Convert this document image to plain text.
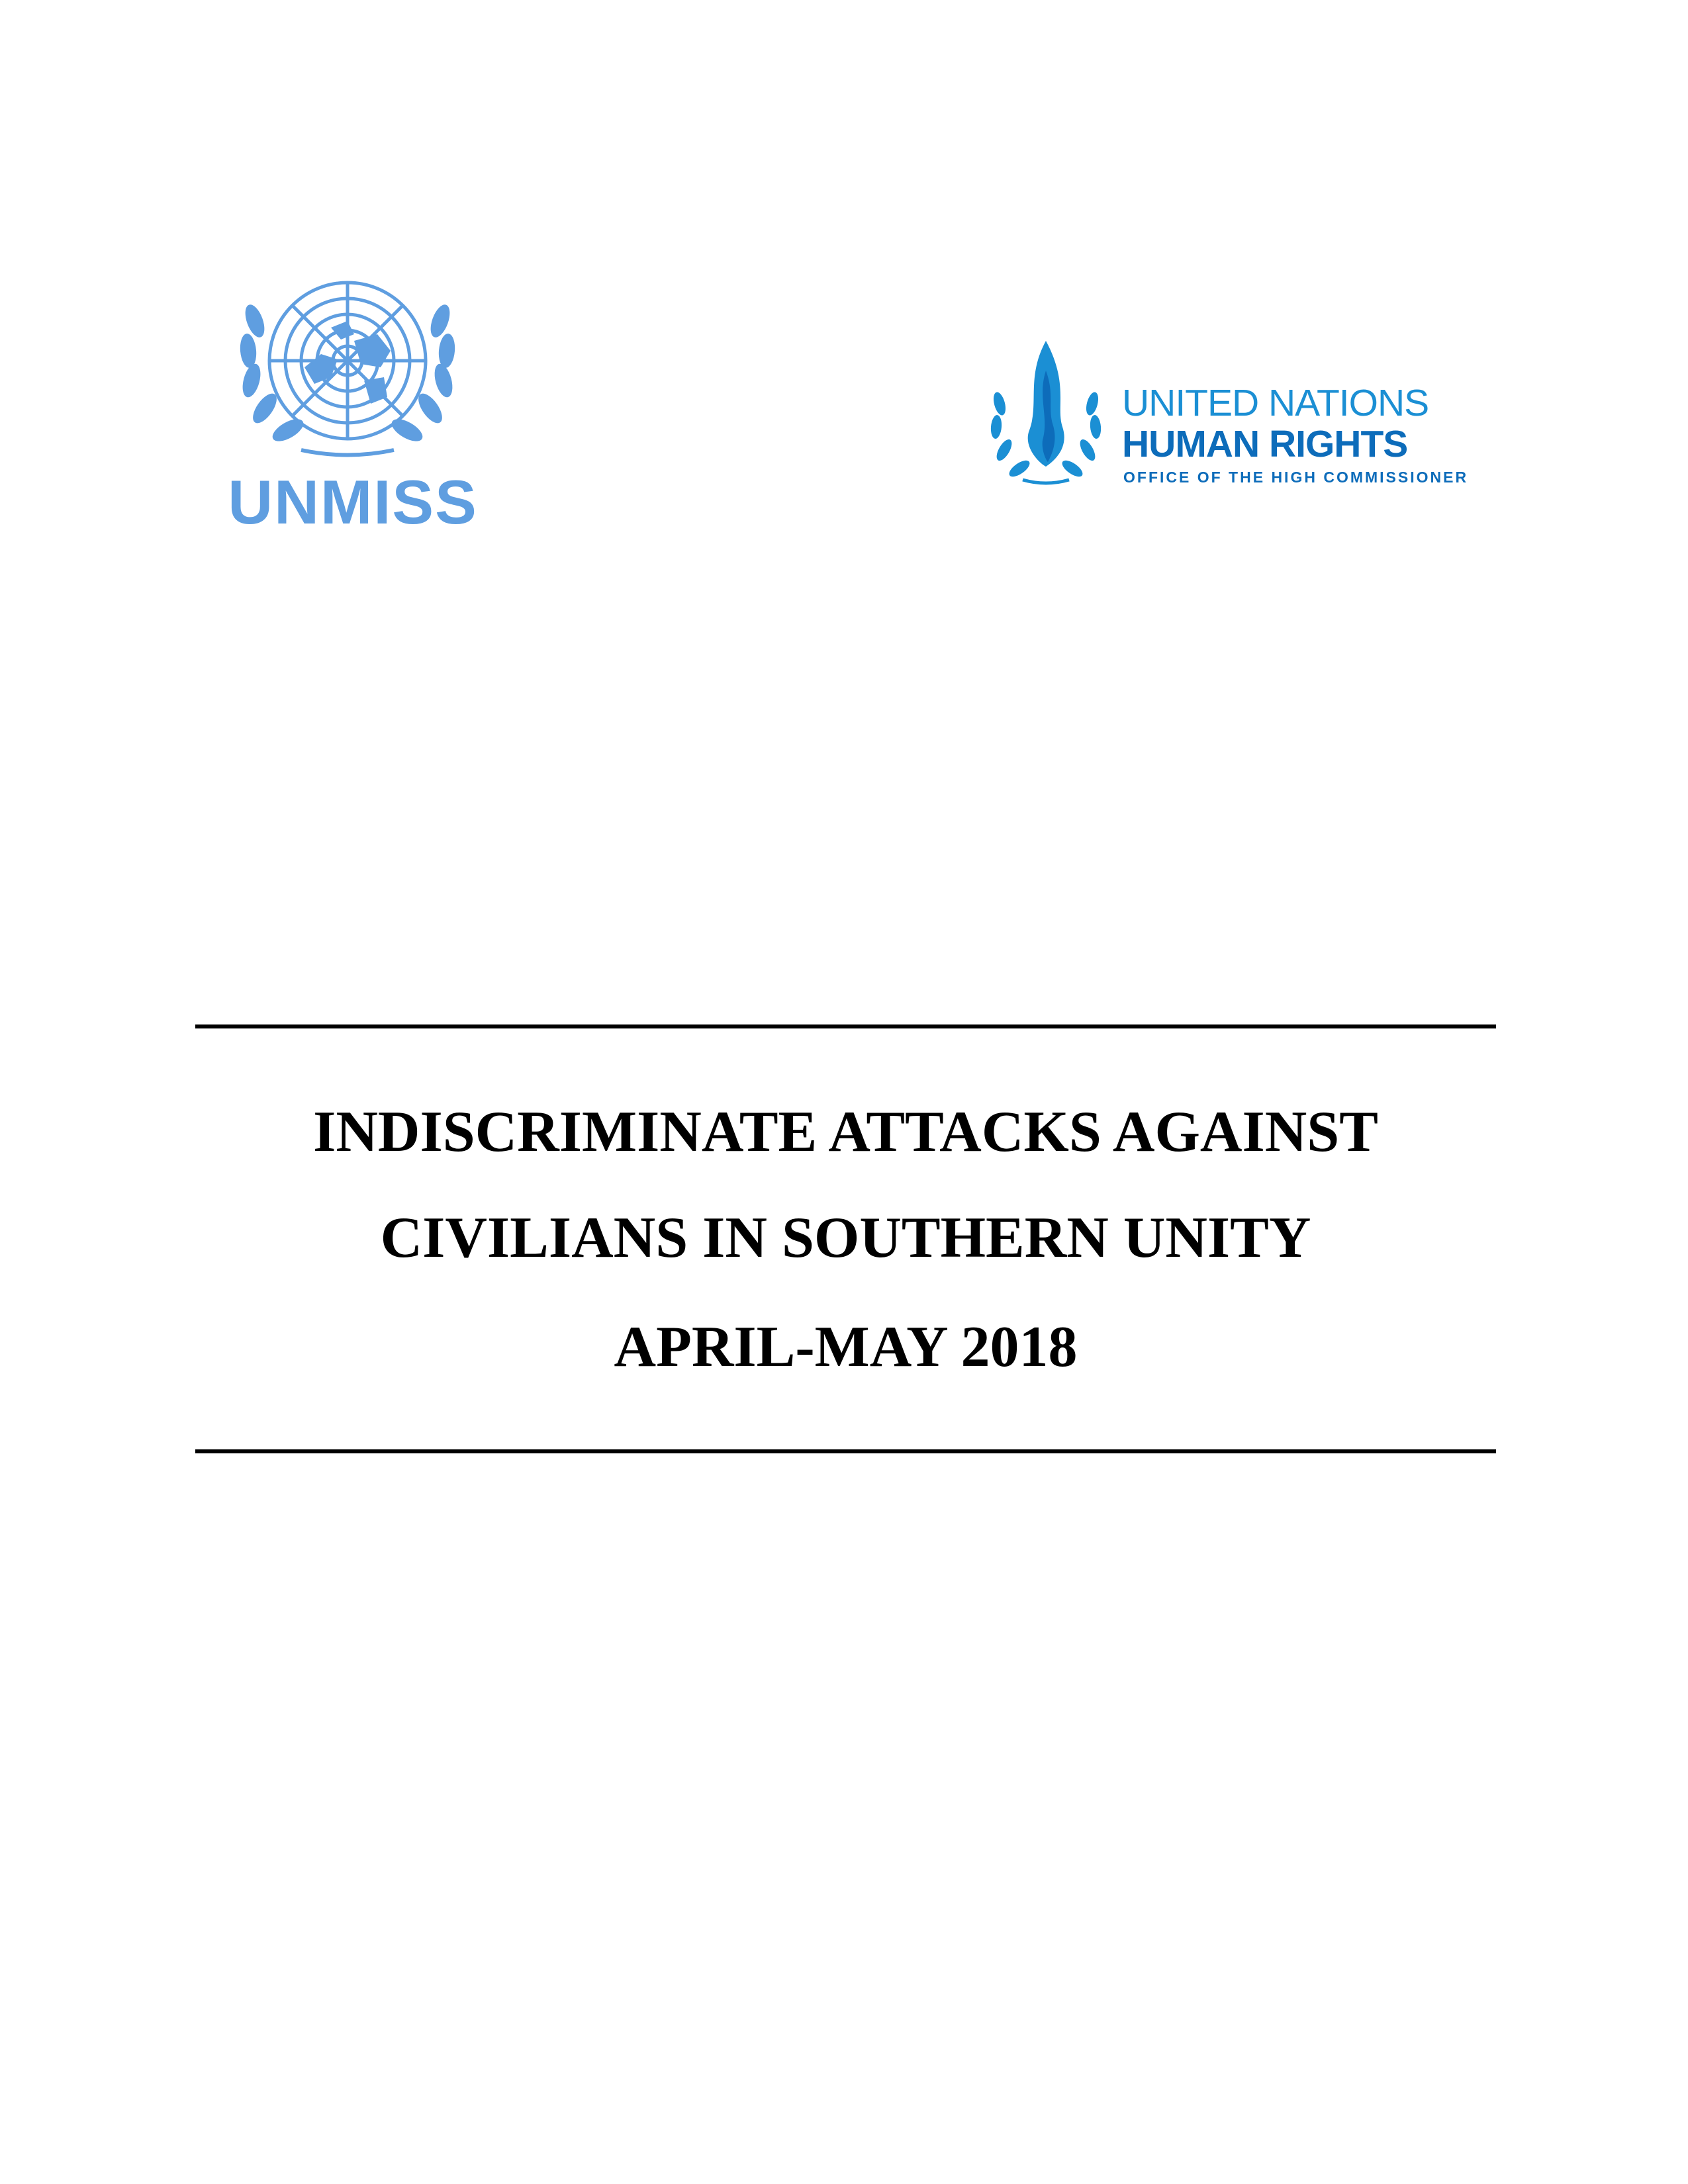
UNMISS
UNITED NATIONS
HUMAN RIGHTS
OFFICE OF THE HIGH COMMISSIONER
INDISCRIMINATE ATTACKS AGAINST
CIVILIANS IN SOUTHERN UNITY
APRIL-MAY 2018
